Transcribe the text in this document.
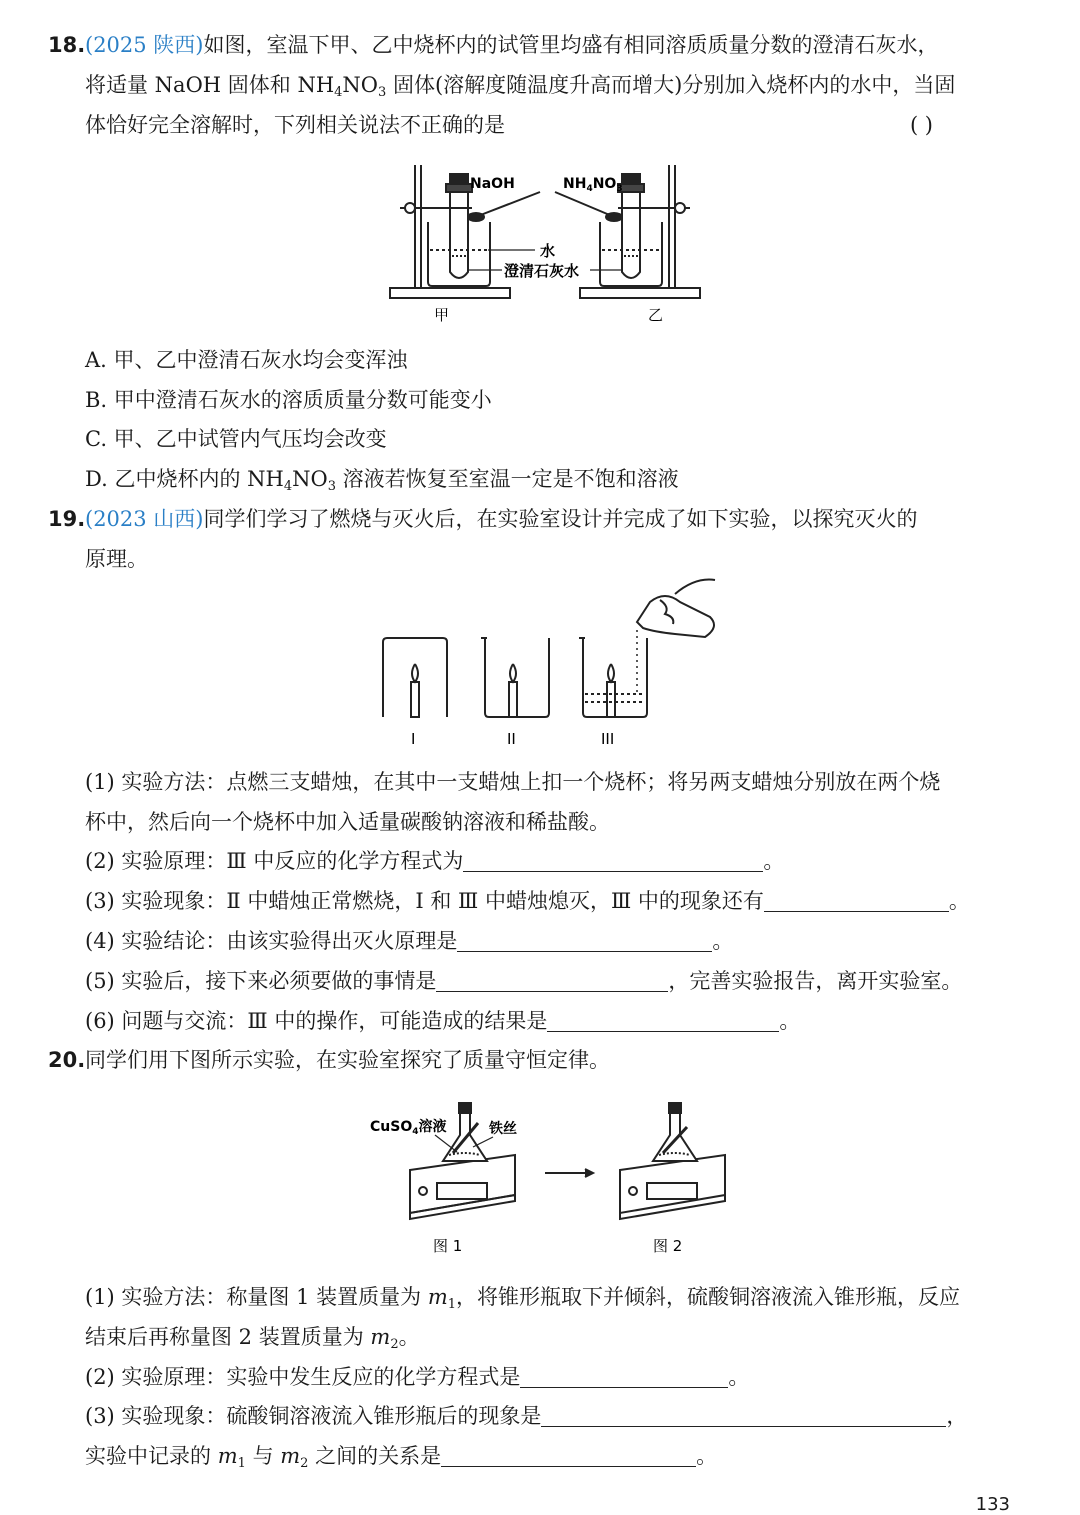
18. (2025 陕西)如图，室温下甲、乙中烧杯内的试管里均盛有相同溶质质量分数的澄清石灰水，
将适量 NaOH 固体和 $NH_4NO_3$ 固体(溶解度随温度升高而增大)分别加入烧杯内的水中，当固
体恰好完全溶解时，下列相关说法不正确的是	( )
NaOH	$NH_4NO_3$
水
澄清石灰水
甲	乙
A. 甲、乙中澄清石灰水均会变浑浊
B. 甲中澄清石灰水的溶质质量分数可能变小
C. 甲、乙中试管内气压均会改变
D. 乙中烧杯内的 $NH_4NO_3$ 溶液若恢复至室温一定是不饱和溶液
19. (2023 山西)同学们学习了燃烧与灭火后，在实验室设计并完成了如下实验，以探究灭火的
原理。
I	II	III
(1) 实验方法：点燃三支蜡烛，在其中一支蜡烛上扣一个烧杯；将另两支蜡烛分别放在两个烧
杯中，然后向一个烧杯中加入适量碳酸钠溶液和稀盐酸。
(2) 实验原理：Ⅲ 中反应的化学方程式为	。
(3) 实验现象：Ⅱ 中蜡烛正常燃烧，Ⅰ 和 Ⅲ 中蜡烛熄灭，Ⅲ 中的现象还有	。
(4) 实验结论：由该实验得出灭火原理是	。
(5) 实验后，接下来必须要做的事情是	，完善实验报告，离开实验室。
(6) 问题与交流：Ⅲ 中的操作，可能造成的结果是	。
20. 同学们用下图所示实验，在实验室探究了质量守恒定律。
CuSO$_4$溶液	铁丝
图 1	图 2
(1) 实验方法：称量图 1 装置质量为 $m_1$，将锥形瓶取下并倾斜，硫酸铜溶液流入锥形瓶，反应
结束后再称量图 2 装置质量为 $m_2$。
(2) 实验原理：实验中发生反应的化学方程式是	。
(3) 实验现象：硫酸铜溶液流入锥形瓶后的现象是	，
实验中记录的 $m_1$ 与 $m_2$ 之间的关系是	。
133
